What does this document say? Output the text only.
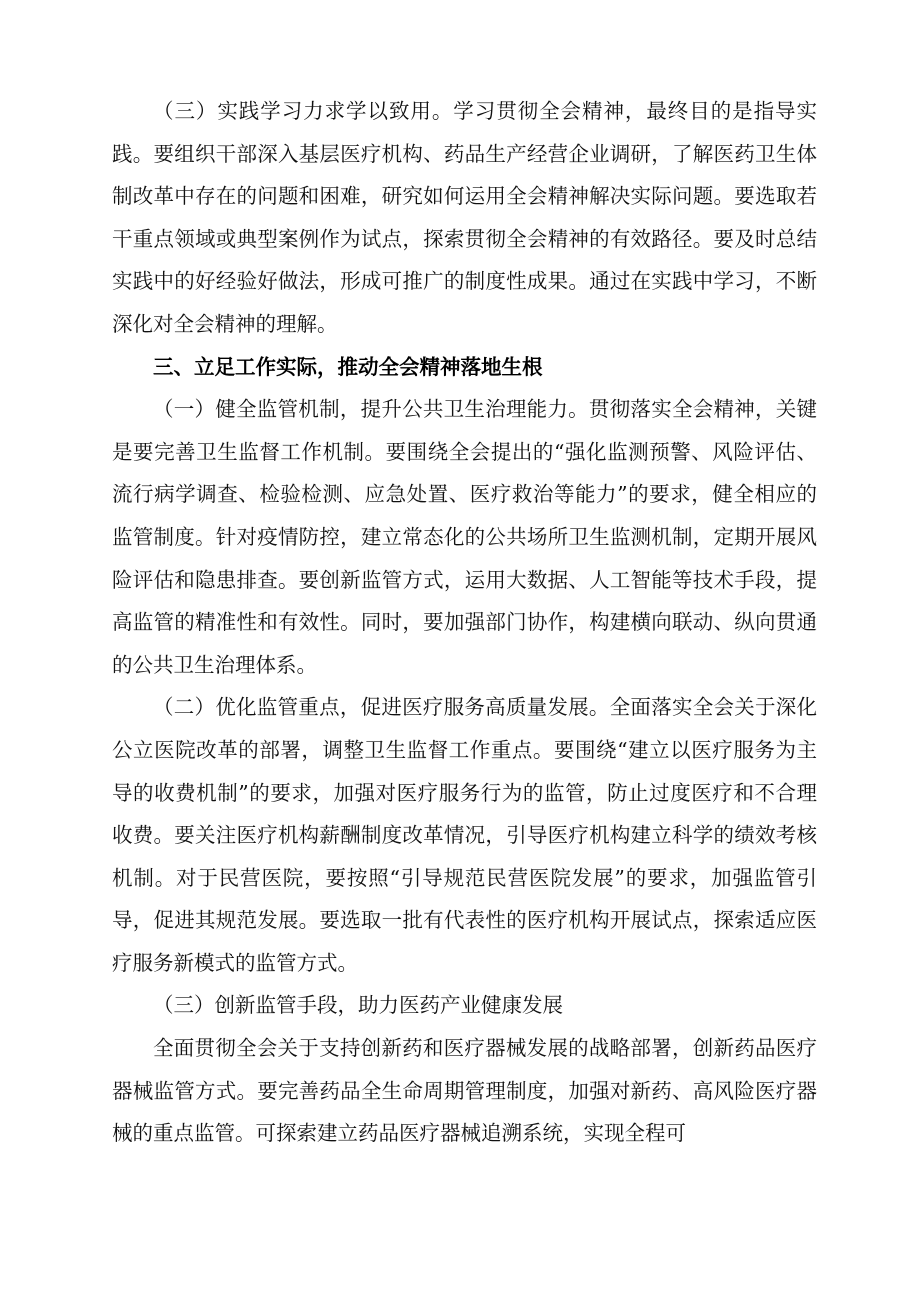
（三）实践学习力求学以致用。学习贯彻全会精神，最终目的是指导实践。要组织干部深入基层医疗机构、药品生产经营企业调研，了解医药卫生体制改革中存在的问题和困难，研究如何运用全会精神解决实际问题。要选取若干重点领域或典型案例作为试点，探索贯彻全会精神的有效路径。要及时总结实践中的好经验好做法，形成可推广的制度性成果。通过在实践中学习，不断深化对全会精神的理解。

三、立足工作实际，推动全会精神落地生根

（一）健全监管机制，提升公共卫生治理能力。贯彻落实全会精神，关键是要完善卫生监督工作机制。要围绕全会提出的“强化监测预警、风险评估、流行病学调查、检验检测、应急处置、医疗救治等能力”的要求，健全相应的监管制度。针对疫情防控，建立常态化的公共场所卫生监测机制，定期开展风险评估和隐患排查。要创新监管方式，运用大数据、人工智能等技术手段，提高监管的精准性和有效性。同时，要加强部门协作，构建横向联动、纵向贯通的公共卫生治理体系。

（二）优化监管重点，促进医疗服务高质量发展。全面落实全会关于深化公立医院改革的部署，调整卫生监督工作重点。要围绕“建立以医疗服务为主导的收费机制”的要求，加强对医疗服务行为的监管，防止过度医疗和不合理收费。要关注医疗机构薪酬制度改革情况，引导医疗机构建立科学的绩效考核机制。对于民营医院，要按照“引导规范民营医院发展”的要求，加强监管引导，促进其规范发展。要选取一批有代表性的医疗机构开展试点，探索适应医疗服务新模式的监管方式。

（三）创新监管手段，助力医药产业健康发展

全面贯彻全会关于支持创新药和医疗器械发展的战略部署，创新药品医疗器械监管方式。要完善药品全生命周期管理制度，加强对新药、高风险医疗器械的重点监管。可探索建立药品医疗器械追溯系统，实现全程可
